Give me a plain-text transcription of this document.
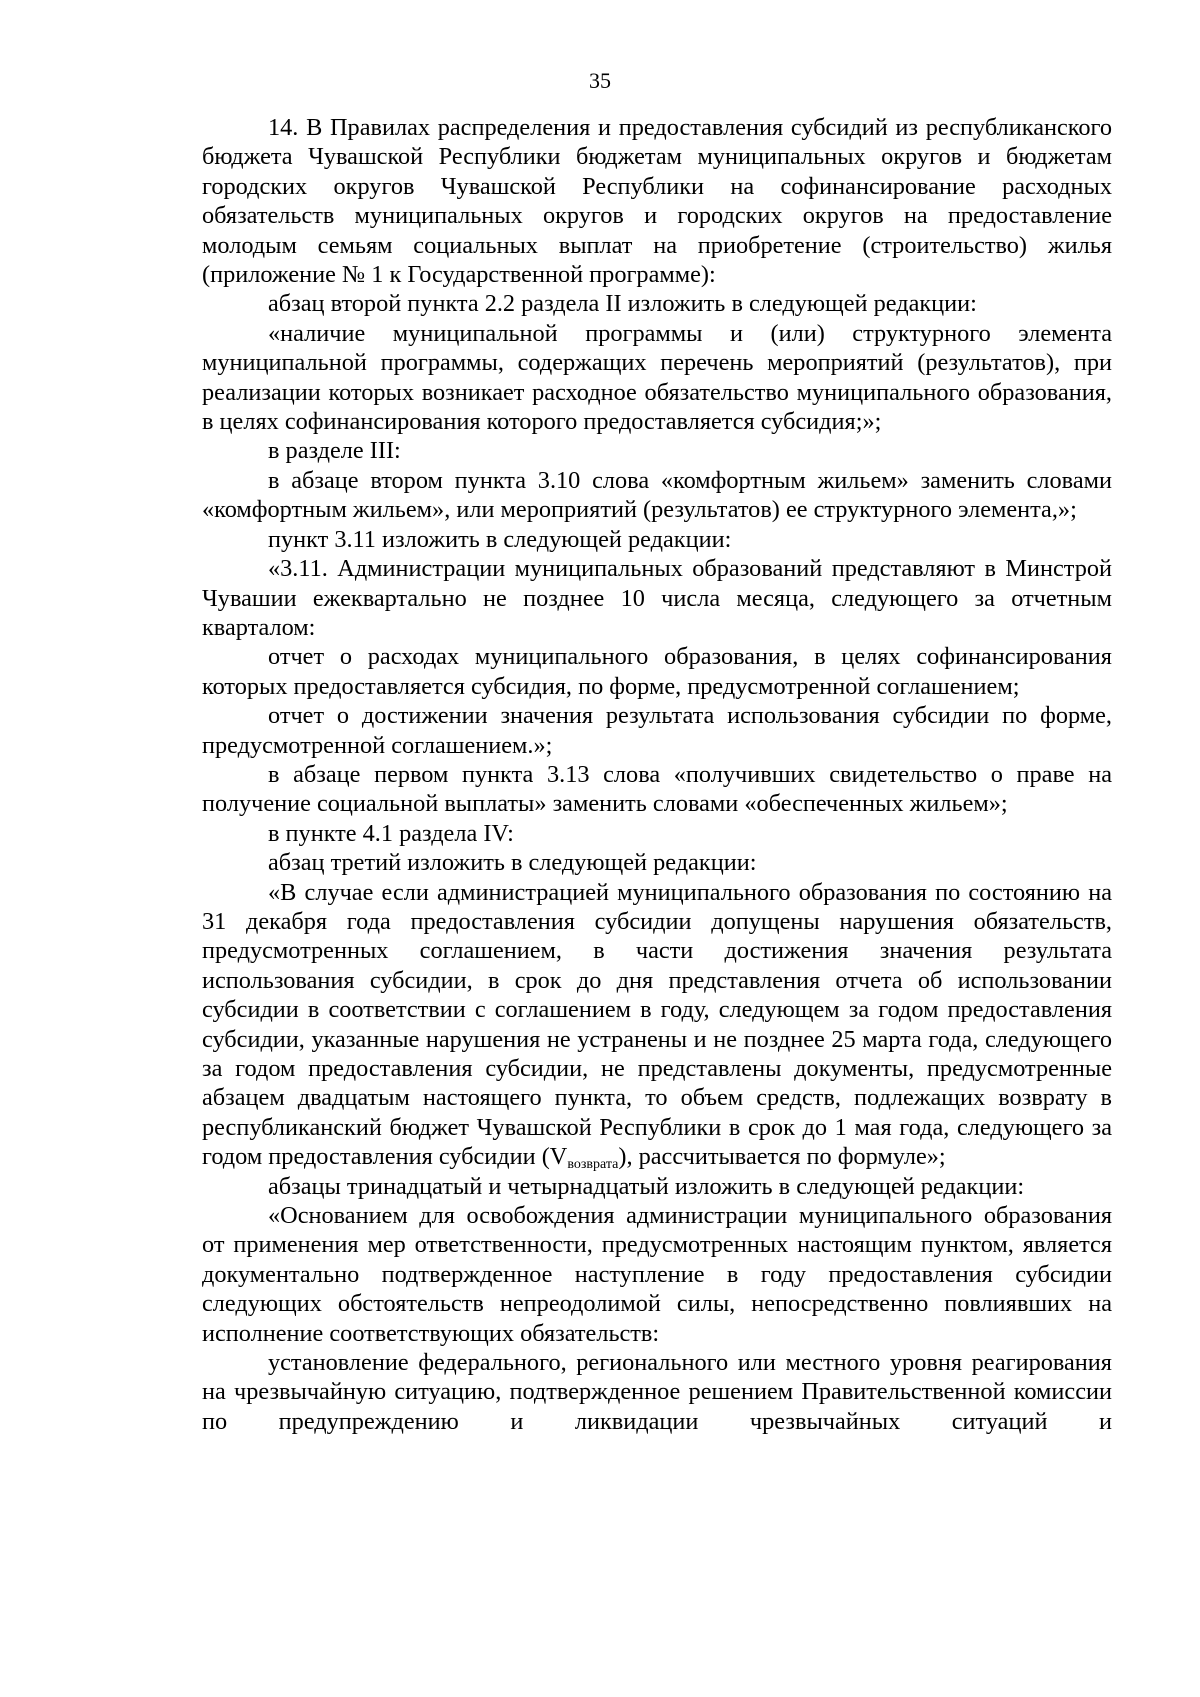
35

14. В Правилах распределения и предоставления субсидий из республиканского бюджета Чувашской Республики бюджетам муниципальных округов и бюджетам городских округов Чувашской Республики на софинансирование расходных обязательств муниципальных округов и городских округов на предоставление молодым семьям социальных выплат на приобретение (строительство) жилья (приложение № 1 к Государственной программе):

абзац второй пункта 2.2 раздела II изложить в следующей редакции:

«наличие муниципальной программы и (или) структурного элемента муниципальной программы, содержащих перечень мероприятий (результатов), при реализации которых возникает расходное обязательство муниципального образования, в целях софинансирования которого предоставляется субсидия;»;

в разделе III:

в абзаце втором пункта 3.10 слова «комфортным жильем» заменить словами «комфортным жильем», или мероприятий (результатов) ее структурного элемента,»;

пункт 3.11 изложить в следующей редакции:

«3.11. Администрации муниципальных образований представляют в Минстрой Чувашии ежеквартально не позднее 10 числа месяца, следующего за отчетным кварталом:

отчет о расходах муниципального образования, в целях софинансирования которых предоставляется субсидия, по форме, предусмотренной соглашением;

отчет о достижении значения результата использования субсидии по форме, предусмотренной соглашением.»;

в абзаце первом пункта 3.13 слова «получивших свидетельство о праве на получение социальной выплаты» заменить словами «обеспеченных жильем»;

в пункте 4.1 раздела IV:

абзац третий изложить в следующей редакции:

«В случае если администрацией муниципального образования по состоянию на 31 декабря года предоставления субсидии допущены нарушения обязательств, предусмотренных соглашением, в части достижения значения результата использования субсидии, в срок до дня представления отчета об использовании субсидии в соответствии с соглашением в году, следующем за годом предоставления субсидии, указанные нарушения не устранены и не позднее 25 марта года, следующего за годом предоставления субсидии, не представлены документы, предусмотренные абзацем двадцатым настоящего пункта, то объем средств, подлежащих возврату в республиканский бюджет Чувашской Республики в срок до 1 мая года, следующего за годом предоставления субсидии $(V_{возврата})$, рассчитывается по формуле»;

абзацы тринадцатый и четырнадцатый изложить в следующей редакции:

«Основанием для освобождения администрации муниципального образования от применения мер ответственности, предусмотренных настоящим пунктом, является документально подтвержденное наступление в году предоставления субсидии следующих обстоятельств непреодолимой силы, непосредственно повлиявших на исполнение соответствующих обязательств:

установление федерального, регионального или местного уровня реагирования на чрезвычайную ситуацию, подтвержденное решением Правительственной комиссии по предупреждению и ликвидации чрезвычайных ситуаций и
